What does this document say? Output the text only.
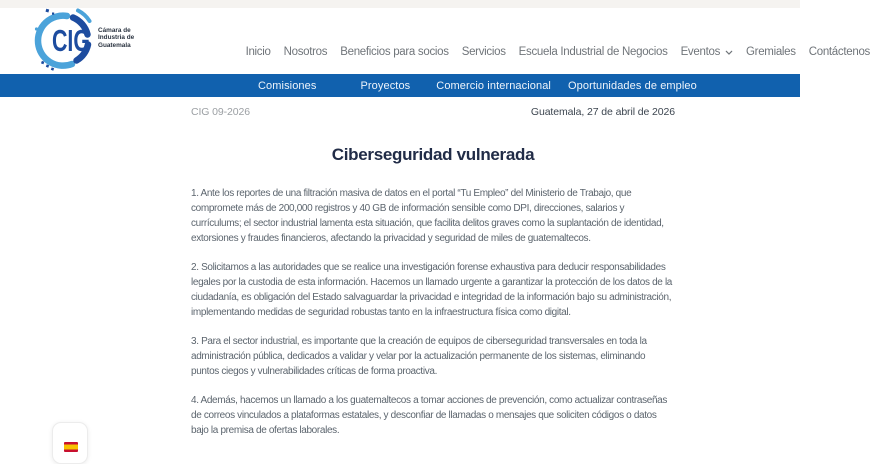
CIG Cámara de
Industria de
Guatemala
Inicio Nosotros Beneficios para socios Servicios Escuela Industrial de Negocios Eventos Gremiales Contáctenos
Comisiones	Proyectos Comercio internacional Oportunidades de empleo
CIG 09-2026	Guatemala, 27 de abril de 2026
Ciberseguridad vulnerada

1. Ante los reportes de una filtración masiva de datos en el portal “Tu Empleo” del Ministerio de Trabajo, que compromete más de 200,000 registros y 40 GB de información sensible como DPI, direcciones, salarios y currículums; el sector industrial lamenta esta situación, que facilita delitos graves como la suplantación de identidad, extorsiones y fraudes financieros, afectando la privacidad y seguridad de miles de guatemaltecos.

2. Solicitamos a las autoridades que se realice una investigación forense exhaustiva para deducir responsabilidades legales por la custodia de esta información. Hacemos un llamado urgente a garantizar la protección de los datos de la ciudadanía, es obligación del Estado salvaguardar la privacidad e integridad de la información bajo su administración, implementando medidas de seguridad robustas tanto en la infraestructura física como digital.

3. Para el sector industrial, es importante que la creación de equipos de ciberseguridad transversales en toda la administración pública, dedicados a validar y velar por la actualización permanente de los sistemas, eliminando puntos ciegos y vulnerabilidades críticas de forma proactiva.

4. Además, hacemos un llamado a los guatemaltecos a tomar acciones de prevención, como actualizar contraseñas de correos vinculados a plataformas estatales, y desconfiar de llamadas o mensajes que soliciten códigos o datos bajo la premisa de ofertas laborales.
